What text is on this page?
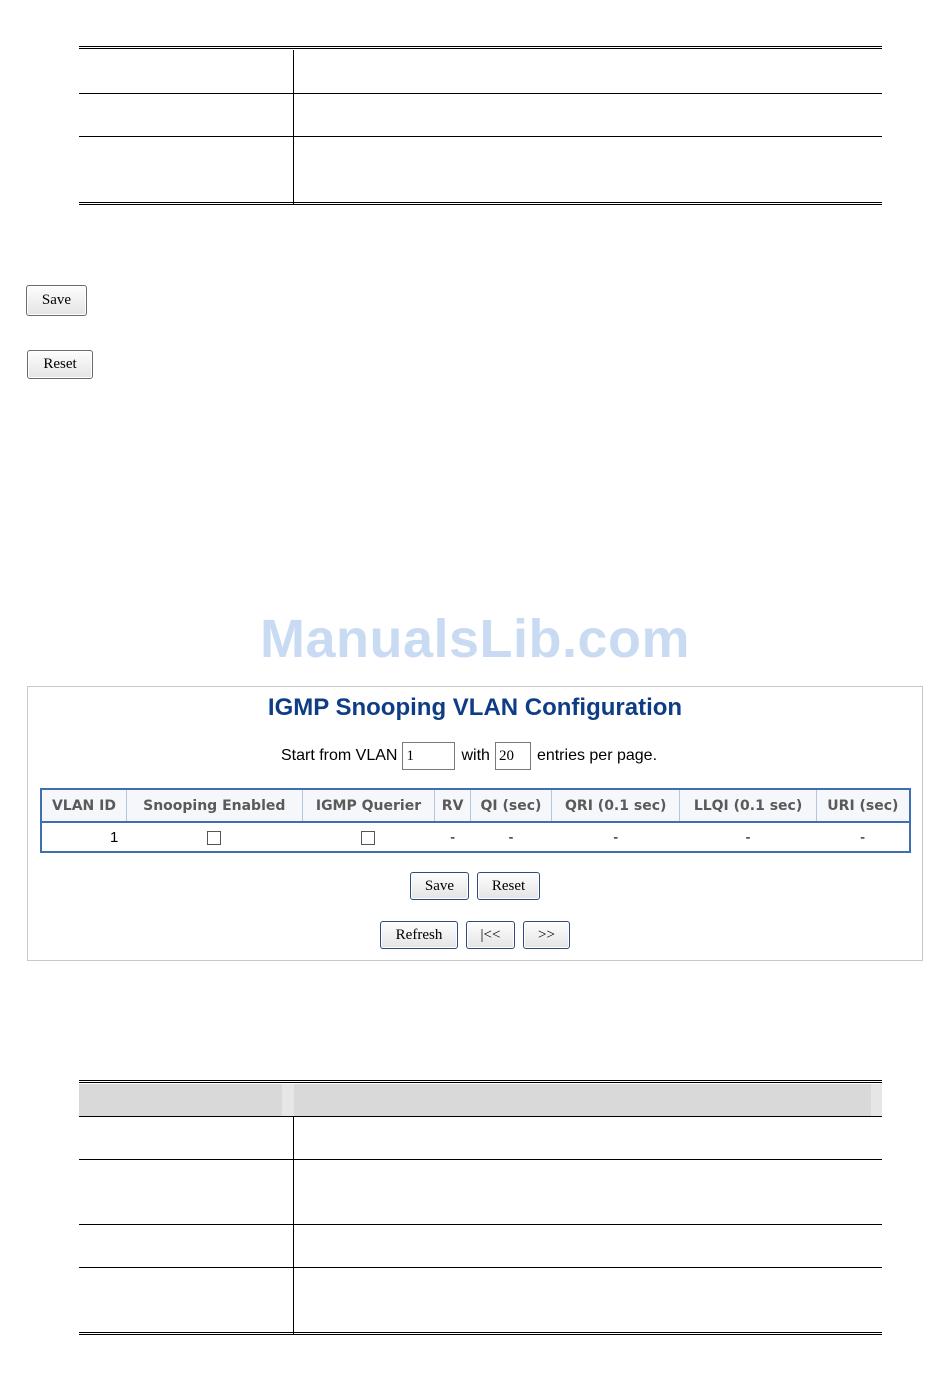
Save
Reset
ManualsLib.com
IGMP Snooping VLAN Configuration
Start from VLAN
1	with
20	entries per page.
VLAN ID	Snooping Enabled	IGMP Querier	RV	QI (sec)	QRI (0.1 sec)	LLQI (0.1 sec)	URI (sec)
1			-	-	-	-	-
Save	Reset
Refresh	|<<	>>
